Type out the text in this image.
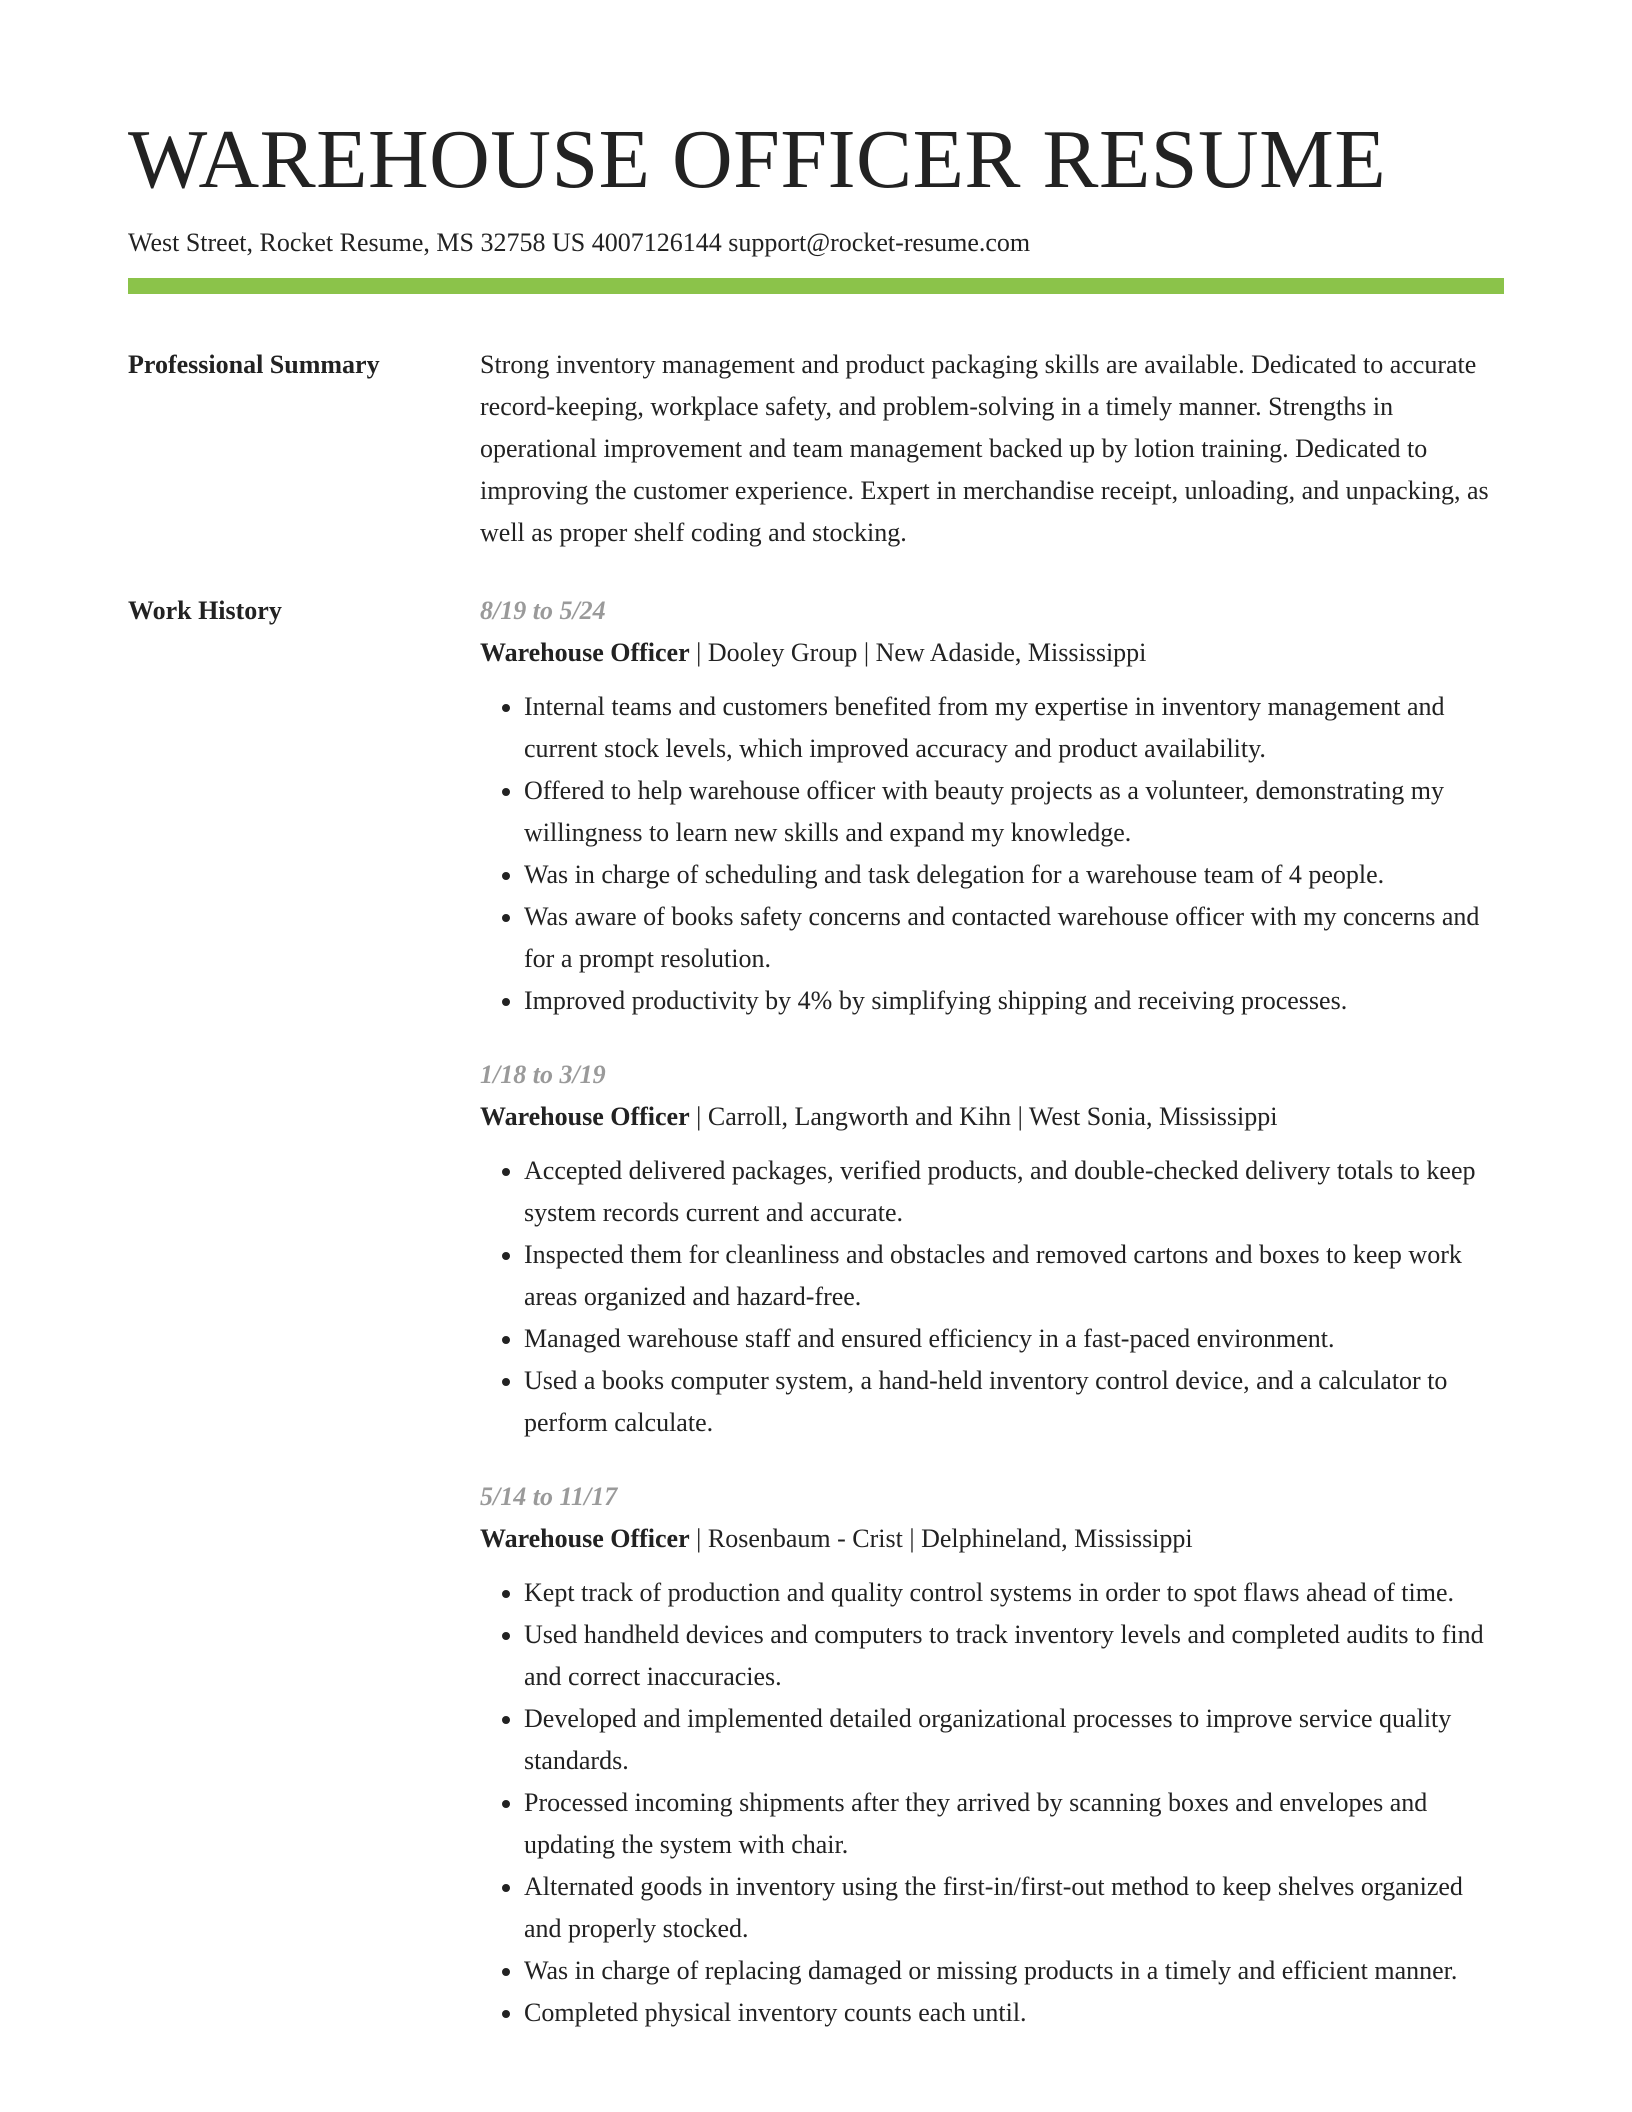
WAREHOUSE OFFICER RESUME
West Street, Rocket Resume, MS 32758 US 4007126144 support@rocket-resume.com
Professional Summary	Strong inventory management and product packaging skills are available. Dedicated to accurate record-keeping, workplace safety, and problem-solving in a timely manner. Strengths in operational improvement and team management backed up by lotion training. Dedicated to improving the customer experience. Expert in merchandise receipt, unloading, and unpacking, as well as proper shelf coding and stocking.
Work History	8/19 to 5/24
Warehouse Officer | Dooley Group | New Adaside, Mississippi
• Internal teams and customers benefited from my expertise in inventory management and current stock levels, which improved accuracy and product availability.
• Offered to help warehouse officer with beauty projects as a volunteer, demonstrating my willingness to learn new skills and expand my knowledge.
• Was in charge of scheduling and task delegation for a warehouse team of 4 people.
• Was aware of books safety concerns and contacted warehouse officer with my concerns and for a prompt resolution.
• Improved productivity by 4% by simplifying shipping and receiving processes.
1/18 to 3/19
Warehouse Officer | Carroll, Langworth and Kihn | West Sonia, Mississippi
• Accepted delivered packages, verified products, and double-checked delivery totals to keep system records current and accurate.
• Inspected them for cleanliness and obstacles and removed cartons and boxes to keep work areas organized and hazard-free.
• Managed warehouse staff and ensured efficiency in a fast-paced environment.
• Used a books computer system, a hand-held inventory control device, and a calculator to perform calculate.
5/14 to 11/17
Warehouse Officer | Rosenbaum - Crist | Delphineland, Mississippi
• Kept track of production and quality control systems in order to spot flaws ahead of time.
• Used handheld devices and computers to track inventory levels and completed audits to find and correct inaccuracies.
• Developed and implemented detailed organizational processes to improve service quality standards.
• Processed incoming shipments after they arrived by scanning boxes and envelopes and updating the system with chair.
• Alternated goods in inventory using the first-in/first-out method to keep shelves organized and properly stocked.
• Was in charge of replacing damaged or missing products in a timely and efficient manner.
• Completed physical inventory counts each until.
